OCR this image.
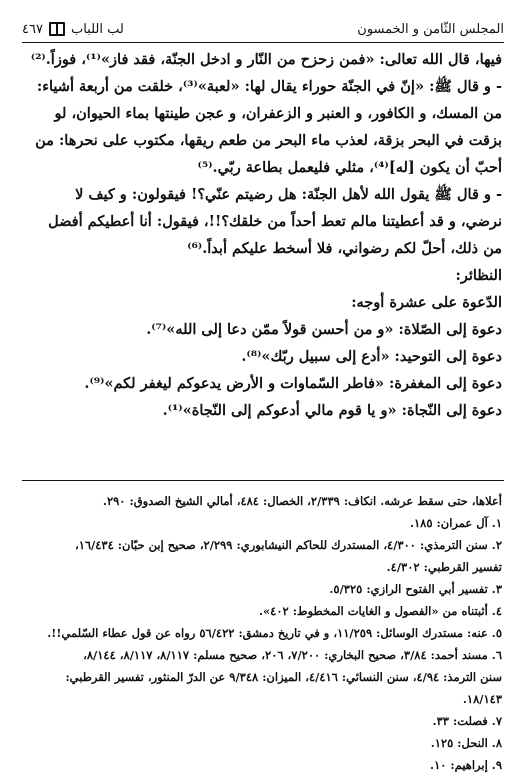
لب اللباب
٤٦٧	المجلس الثّامن و الخمسون

فيها، قال الله تعالى: «فمن زحزح من النّار و ادخل الجنّة، فقد فاز»⁽¹⁾، فوزاً.⁽²⁾

- و قال ﷺ: «إنّ في الجنّة حوراء يقال لها: «لعبة»⁽³⁾، خلقت من أربعة أشياء:

من المسك، و الكافور، و العنبر و الزعفران، و عجن طينتها بماء الحيوان، لو

بزقت في البحر بزقة، لعذب ماء البحر من طعم ريقها، مكتوب على نحرها: من

أحبّ أن يكون [له]⁽⁴⁾، مثلي فليعمل بطاعة ربّي.⁽⁵⁾

- و قال ﷺ يقول الله لأهل الجنّة: هل رضيتم عنّي؟! فيقولون: و كيف لا

نرضي، و قد أعطيتنا مالم تعط أحداً من خلقك؟!!، فيقول: أنا أعطيكم أفضل

من ذلك، أحلّ لكم رضواني، فلا أسخط عليكم أبداً.⁽⁶⁾

النظائر:

الدّعوة على عشرة أوجه:

دعوة إلى الصّلاة: «و من أحسن قولاً ممّن دعا إلى الله»⁽⁷⁾.

دعوة إلى التوحيد: «أدع إلى سبيل ربّك»⁽⁸⁾.

دعوة إلى المغفرة: «فاطر السّماوات و الأرض يدعوكم ليغفر لكم»⁽⁹⁾.

دعوة إلى النّجاة: «و يا قوم مالي أدعوكم إلى النّجاة»⁽¹⁾.

أعلاها، حتى سقط عرشه. انكاف: ٢/٣٣٩، الخصال: ٤٨٤، أمالي الشيخ الصدوق: ٢٩٠.

١. آل عمران: ١٨٥.

٢. سنن الترمذي: ٤/٣٠٠، المستدرك للحاكم النيشابوري: ٢/٢٩٩، صحيح إبن حبّان: ١٦/٤٣٤،

تفسير القرطبي: ٤/٣٠٢.

٣. تفسير أبي الفتوح الرازي: ٥/٣٢٥.

٤. أثبتناه من «الفصول و الغايات المخطوط: ٤٠٢».

٥. عنه: مستدرك الوسائل: ١١/٢٥٩، و في تاريخ دمشق: ٥٦/٤٢٢ رواه عن قول عطاء السّلمي!!.

٦. مسند أحمد: ٣/٨٤، صحيح البخاري: ٧/٢٠٠، ٢٠٦، صحيح مسلم: ٨/١١٧، ٨/١١٧، ٨/١٤٤،

سنن الترمذ: ٤/٩٤، سنن النسائي: ٤/٤١٦، الميزان: ٩/٣٤٨ عن الدرّ المنثور، تفسير القرطبي:

١٨/١٤٣.

٧. فصلت: ٣٣.

٨. النحل: ١٢٥.

٩. إبراهيم: ١٠.
